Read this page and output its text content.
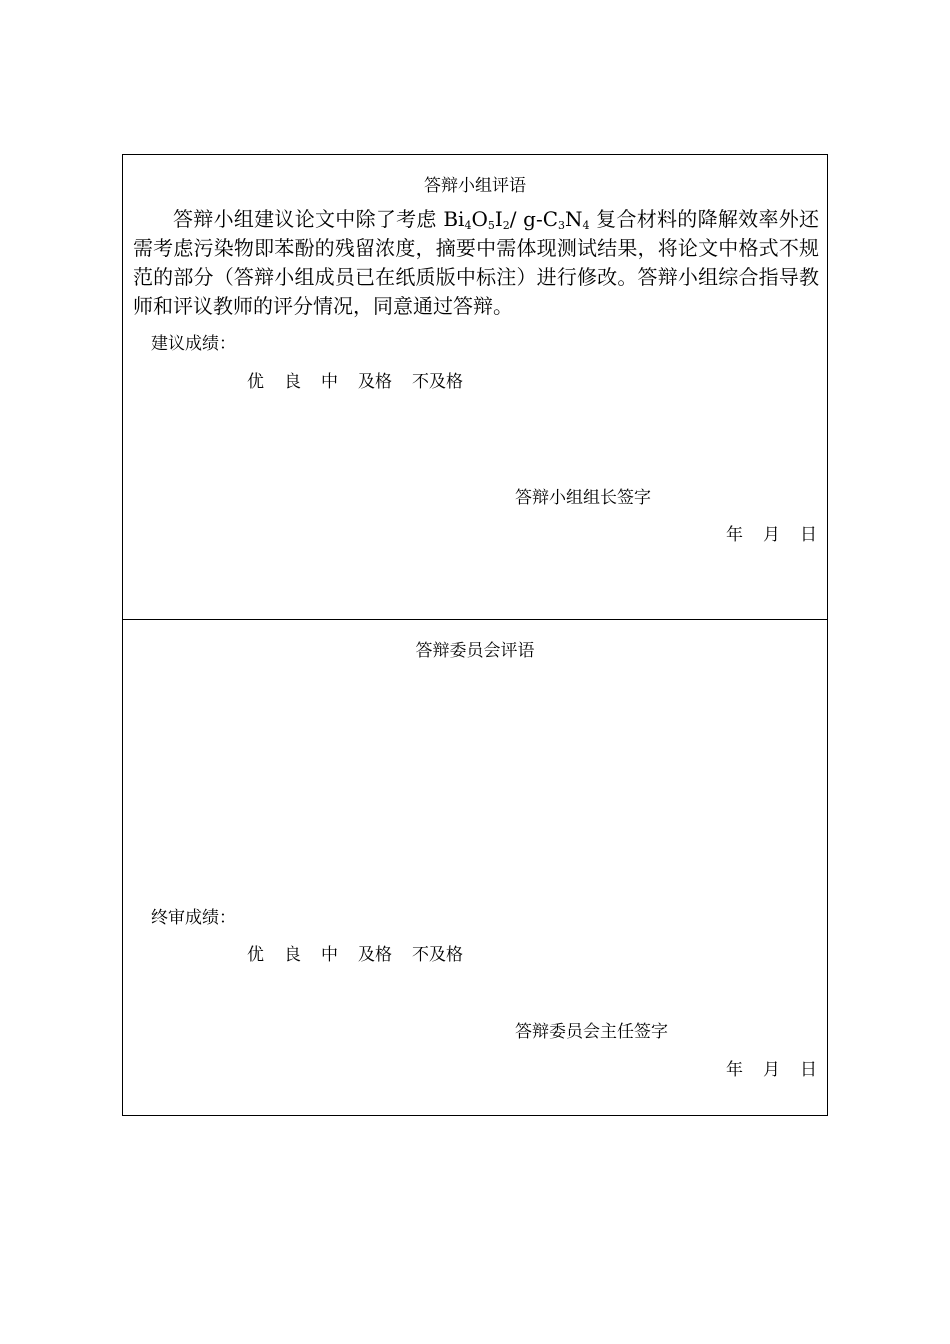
答辩小组评语
答辩小组建议论文中除了考虑 $Bi_4O_5I_2/$ $g-C_3N_4$ 复合材料的降解效率外还需考虑污染物即苯酚的残留浓度，摘要中需体现测试结果，将论文中格式不规范的部分（答辩小组成员已在纸质版中标注）进行修改。答辩小组综合指导教师和评议教师的评分情况，同意通过答辩。
建议成绩：
优 良 中 及格 不及格
答辩小组组长签字
年 月 日
答辩委员会评语
终审成绩：
优 良 中 及格 不及格
答辩委员会主任签字
年 月 日
